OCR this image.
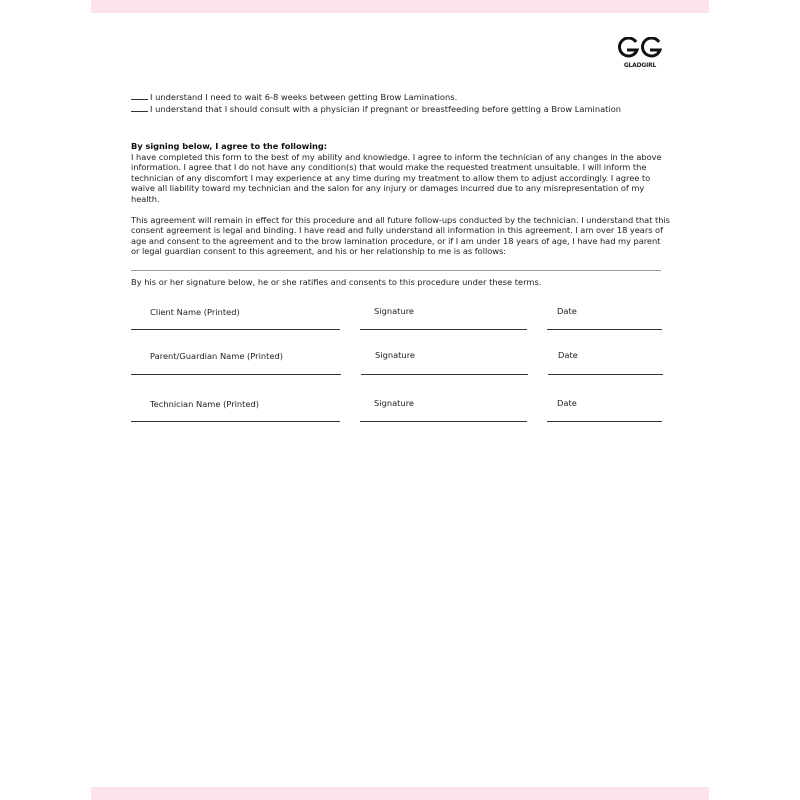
GLADGIRL
I understand I need to wait 6-8 weeks between getting Brow Laminations.
I understand that I should consult with a physician if pregnant or breastfeeding before getting a Brow Lamination
By signing below, I agree to the following:
I have completed this form to the best of my ability and knowledge. I agree to inform the technician of any changes in the above information. I agree that I do not have any condition(s) that would make the requested treatment unsuitable. I will inform the technician of any discomfort I may experience at any time during my treatment to allow them to adjust accordingly. I agree to waive all liability toward my technician and the salon for any injury or damages incurred due to any misrepresentation of my health.
This agreement will remain in effect for this procedure and all future follow-ups conducted by the technician. I understand that this consent agreement is legal and binding. I have read and fully understand all information in this agreement. I am over 18 years of age and consent to the agreement and to the brow lamination procedure, or if I am under 18 years of age, I have had my parent or legal guardian consent to this agreement, and his or her relationship to me is as follows:
By his or her signature below, he or she ratifies and consents to this procedure under these terms.
Client Name (Printed)	Signature	Date
Parent/Guardian Name (Printed)	Signature	Date
Technician Name (Printed)	Signature	Date
